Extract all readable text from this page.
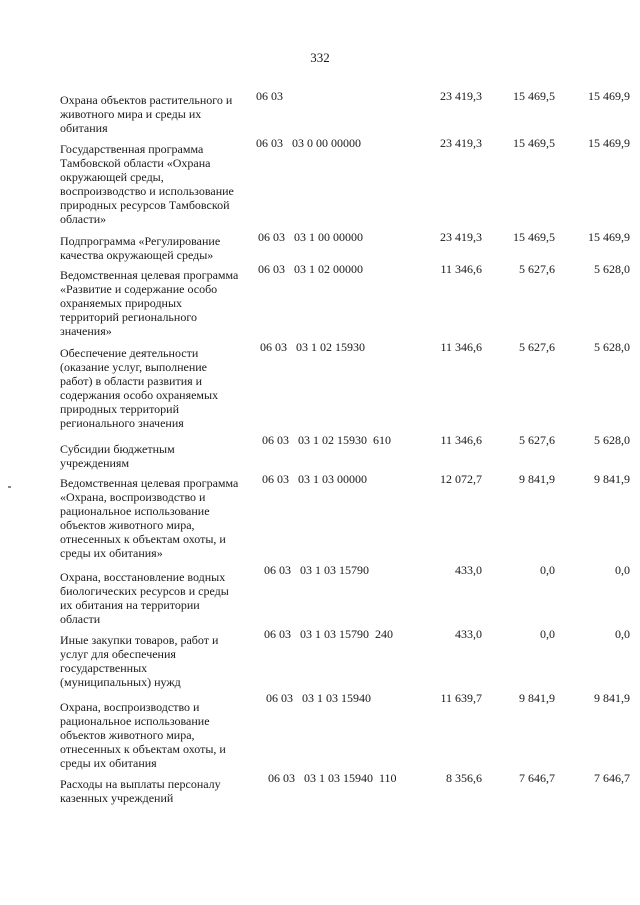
332
Охрана объектов растительного и
животного мира и среды их
обитания
06 03	23 419,3	15 469,5	15 469,9
Государственная программа
Тамбовской области «Охрана
окружающей среды,
воспроизводство и использование
природных ресурсов Тамбовской
области»
06 03   03 0 00 00000	23 419,3	15 469,5	15 469,9
Подпрограмма «Регулирование
качества окружающей среды»
06 03   03 1 00 00000	23 419,3	15 469,5	15 469,9
Ведомственная целевая программа
«Развитие и содержание особо
охраняемых природных
территорий регионального
значения»
06 03   03 1 02 00000	11 346,6	5 627,6	5 628,0
Обеспечение деятельности
(оказание услуг, выполнение
работ) в области развития и
содержания особо охраняемых
природных территорий
регионального значения
06 03   03 1 02 15930	11 346,6	5 627,6	5 628,0
Субсидии бюджетным
учреждениям
06 03   03 1 02 15930  610	11 346,6	5 627,6	5 628,0
Ведомственная целевая программа
«Охрана, воспроизводство и
рациональное использование
объектов животного мира,
отнесенных к объектам охоты, и
среды их обитания»
06 03   03 1 03 00000	12 072,7	9 841,9	9 841,9
Охрана, восстановление водных
биологических ресурсов и среды
их обитания на территории
области
06 03   03 1 03 15790	433,0	0,0	0,0
Иные закупки товаров, работ и
услуг для обеспечения
государственных
(муниципальных) нужд
06 03   03 1 03 15790  240	433,0	0,0	0,0
Охрана, воспроизводство и
рациональное использование
объектов животного мира,
отнесенных к объектам охоты, и
среды их обитания
06 03   03 1 03 15940	11 639,7	9 841,9	9 841,9
Расходы на выплаты персоналу
казенных учреждений
06 03   03 1 03 15940  110	8 356,6	7 646,7	7 646,7
